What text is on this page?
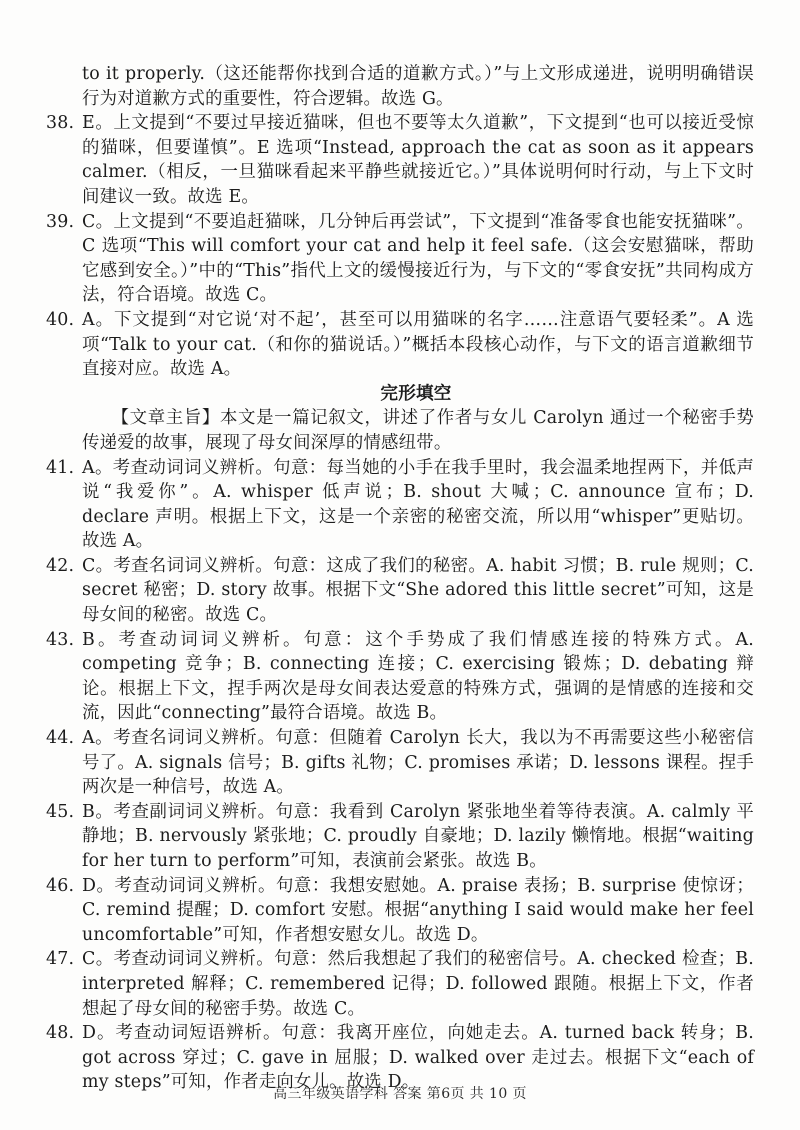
to it properly.（这还能帮你找到合适的道歉方式。）”与上文形成递进，说明明确错误行为对道歉方式的重要性，符合逻辑。故选 G。

38. E。上文提到“不要过早接近猫咪，但也不要等太久道歉”，下文提到“也可以接近受惊的猫咪，但要谨慎”。E 选项“Instead, approach the cat as soon as it appears calmer.（相反，一旦猫咪看起来平静些就接近它。）”具体说明何时行动，与上下文时间建议一致。故选 E。

39. C。上文提到“不要追赶猫咪，几分钟后再尝试”，下文提到“准备零食也能安抚猫咪”。C 选项“This will comfort your cat and help it feel safe.（这会安慰猫咪，帮助它感到安全。）”中的“This”指代上文的缓慢接近行为，与下文的“零食安抚”共同构成方法，符合语境。故选 C。

40. A。下文提到“对它说‘对不起’，甚至可以用猫咪的名字……注意语气要轻柔”。A 选项“Talk to your cat.（和你的猫说话。）”概括本段核心动作，与下文的语言道歉细节直接对应。故选 A。

完形填空

【文章主旨】本文是一篇记叙文，讲述了作者与女儿 Carolyn 通过一个秘密手势传递爱的故事，展现了母女间深厚的情感纽带。

41. A。考查动词词义辨析。句意：每当她的小手在我手里时，我会温柔地捏两下，并低声说“我爱你”。A. whisper 低声说；B. shout 大喊；C. announce 宣布；D. declare 声明。根据上下文，这是一个亲密的秘密交流，所以用“whisper”更贴切。故选 A。

42. C。考查名词词义辨析。句意：这成了我们的秘密。A. habit 习惯；B. rule 规则；C. secret 秘密；D. story 故事。根据下文“She adored this little secret”可知，这是母女间的秘密。故选 C。

43. B。考查动词词义辨析。句意：这个手势成了我们情感连接的特殊方式。A. competing 竞争；B. connecting 连接；C. exercising 锻炼；D. debating 辩论。根据上下文，捏手两次是母女间表达爱意的特殊方式，强调的是情感的连接和交流，因此“connecting”最符合语境。故选 B。

44. A。考查名词词义辨析。句意：但随着 Carolyn 长大，我以为不再需要这些小秘密信号了。A. signals 信号；B. gifts 礼物；C. promises 承诺；D. lessons 课程。捏手两次是一种信号，故选 A。

45. B。考查副词词义辨析。句意：我看到 Carolyn 紧张地坐着等待表演。A. calmly 平静地；B. nervously 紧张地；C. proudly 自豪地；D. lazily 懒惰地。根据“waiting for her turn to perform”可知，表演前会紧张。故选 B。

46. D。考查动词词义辨析。句意：我想安慰她。A. praise 表扬；B. surprise 使惊讶；C. remind 提醒；D. comfort 安慰。根据“anything I said would make her feel uncomfortable”可知，作者想安慰女儿。故选 D。

47. C。考查动词词义辨析。句意：然后我想起了我们的秘密信号。A. checked 检查；B. interpreted 解释；C. remembered 记得；D. followed 跟随。根据上下文，作者想起了母女间的秘密手势。故选 C。

48. D。考查动词短语辨析。句意：我离开座位，向她走去。A. turned back 转身；B. got across 穿过；C. gave in 屈服；D. walked over 走过去。根据下文“each of my steps”可知，作者走向女儿。故选 D。

高三年级英语学科 答案 第6页 共 10 页
